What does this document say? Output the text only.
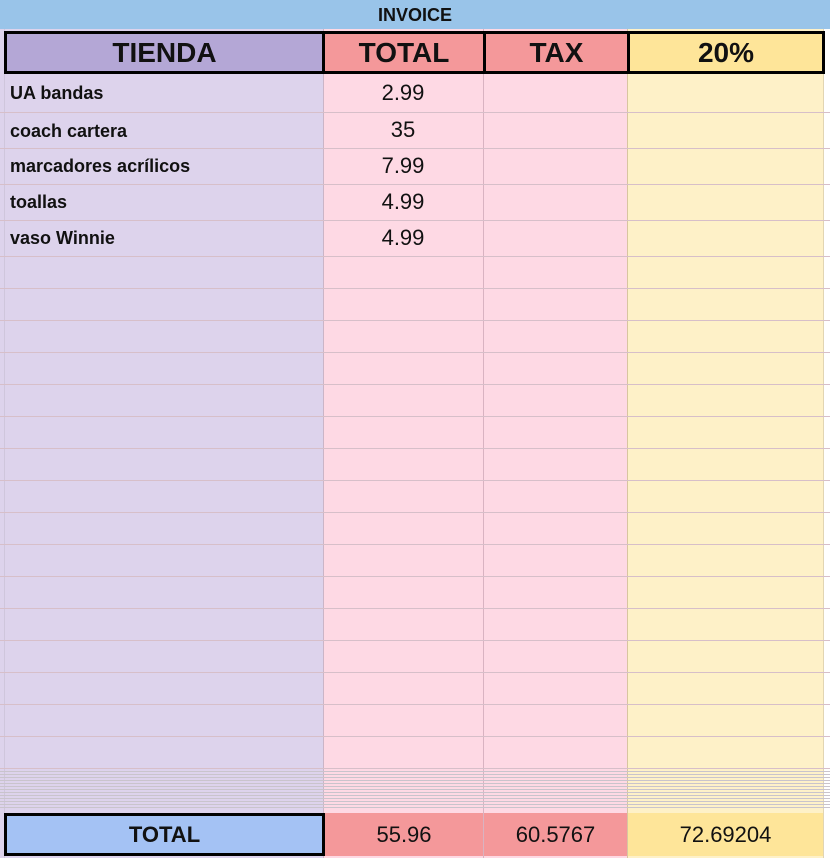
INVOICE
TIENDA	TOTAL	TAX	20%
UA bandas	2.99
coach cartera	35
marcadores acrílicos	7.99
toallas	4.99
vaso Winnie	4.99
TOTAL	55.96	60.5767	72.69204
